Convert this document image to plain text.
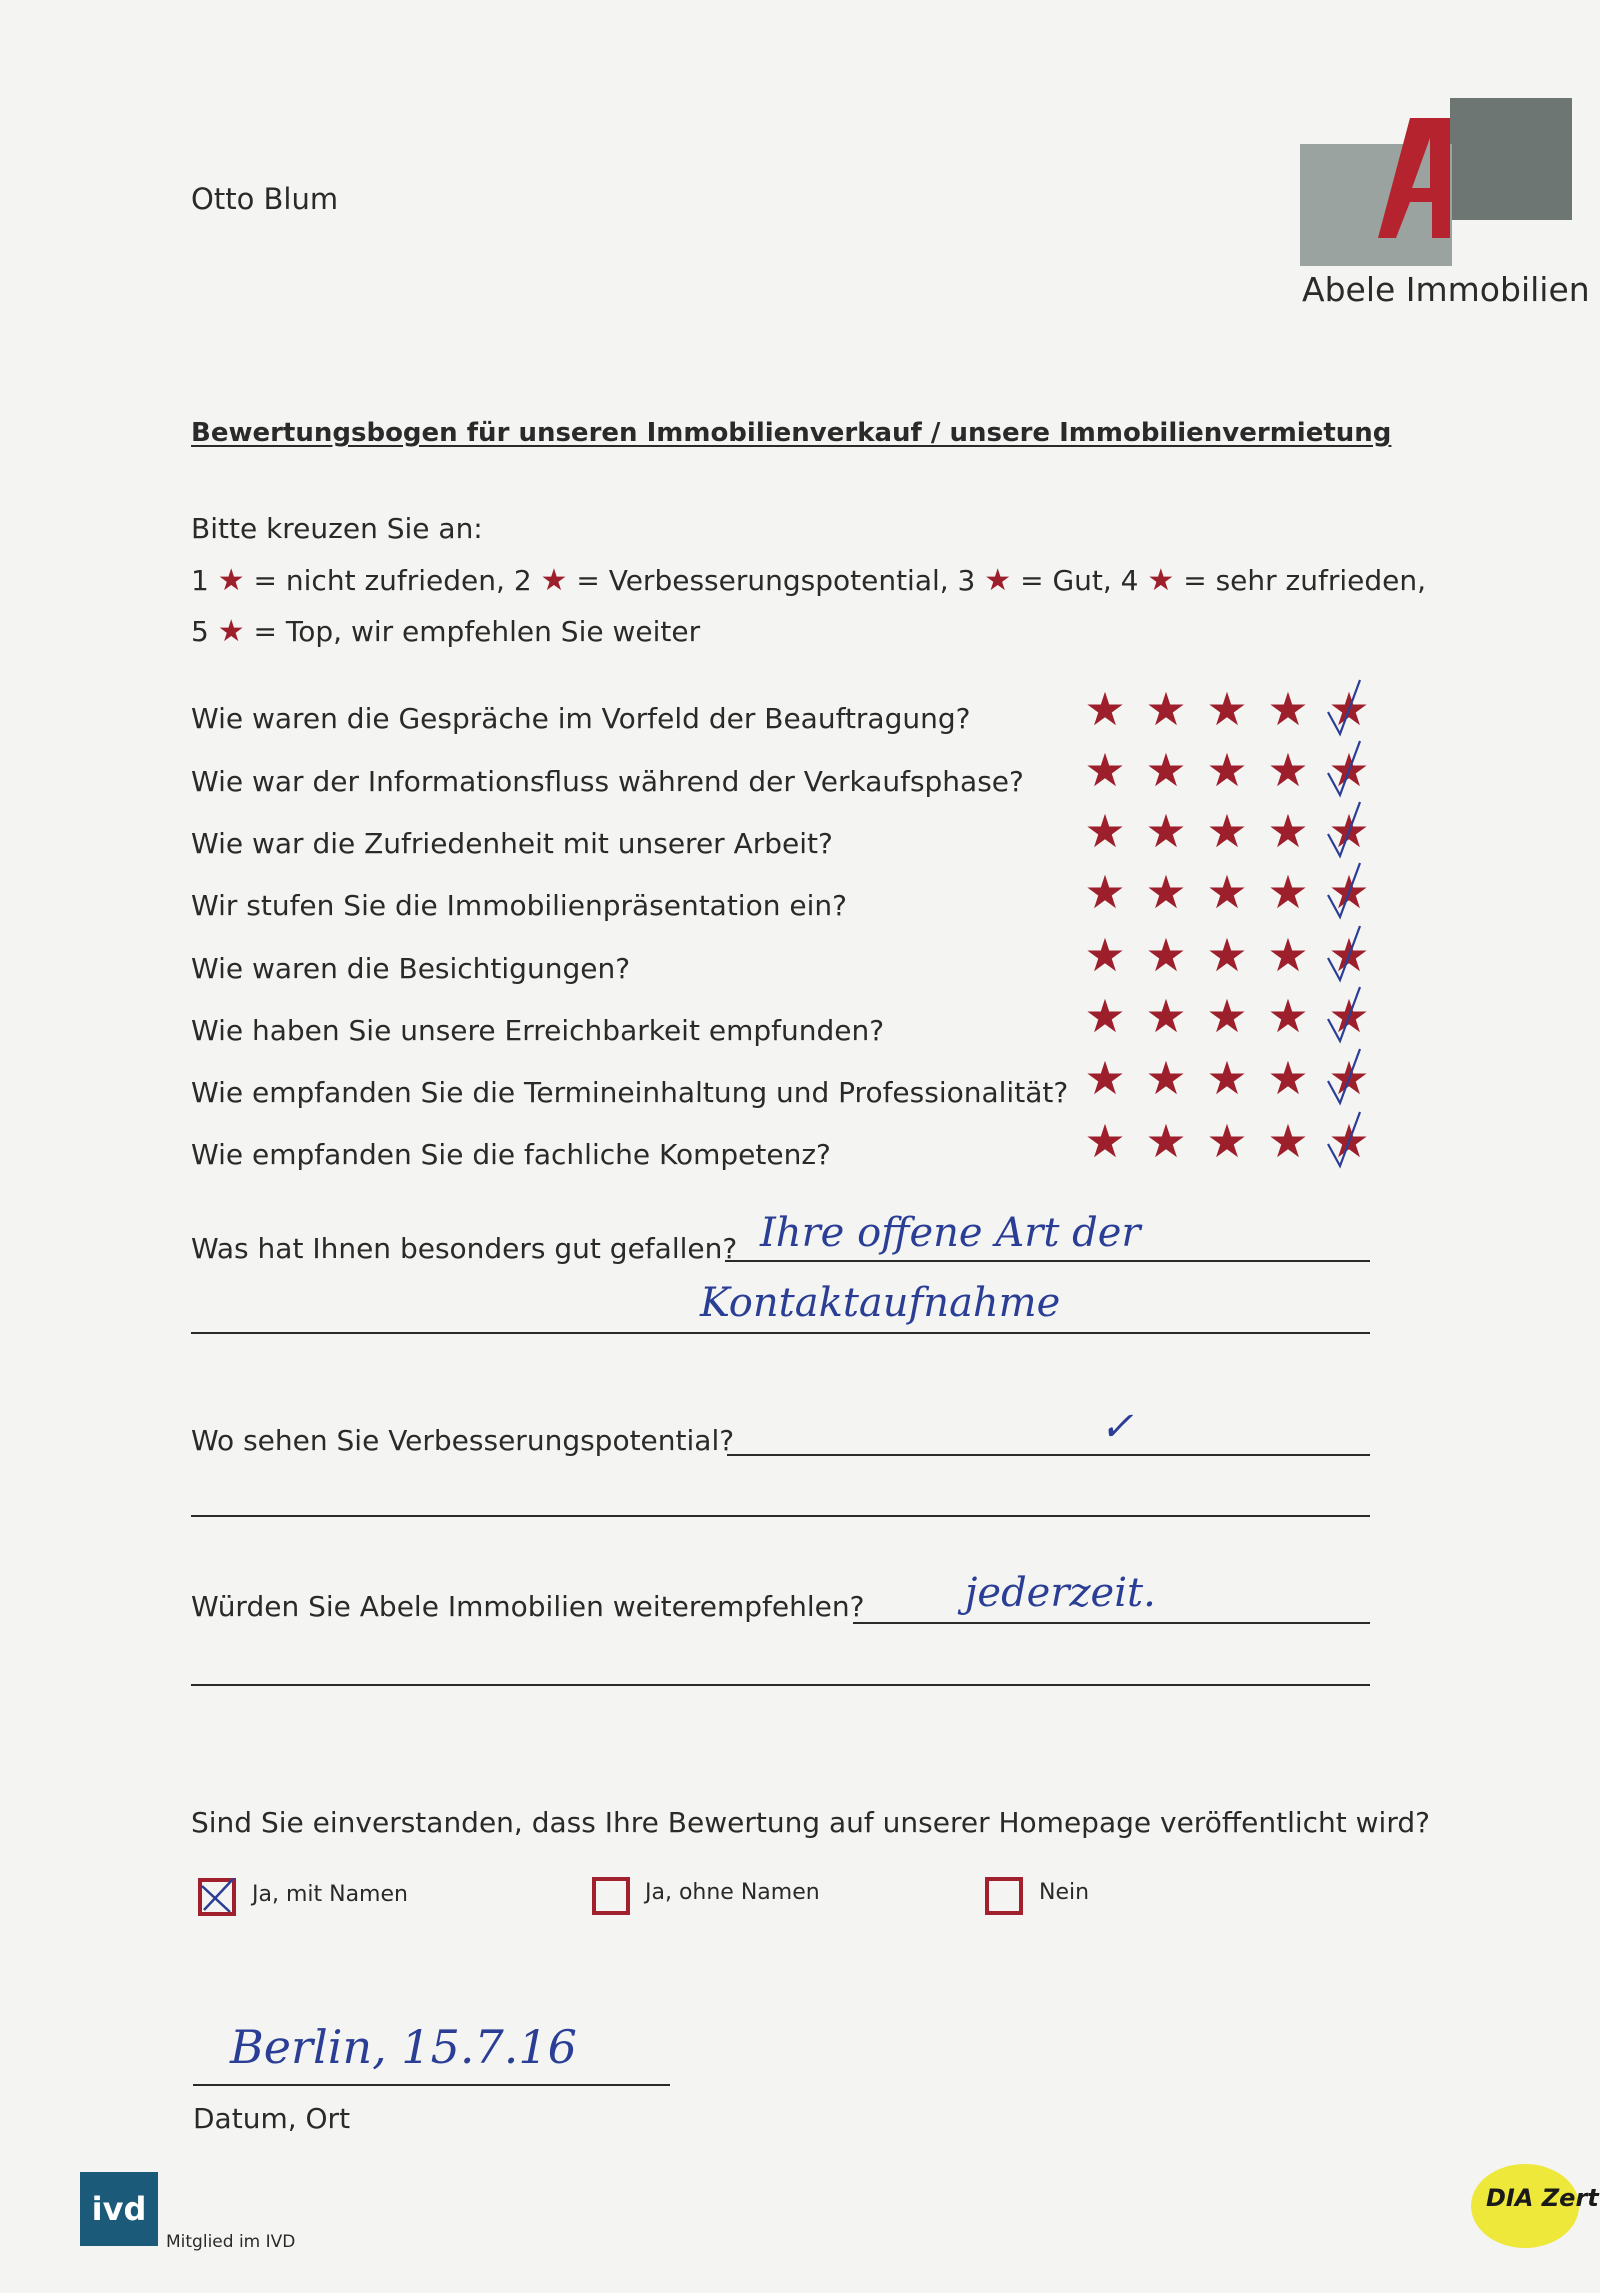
Otto Blum
Abele Immobilien
Bewertungsbogen für unseren Immobilienverkauf / unsere Immobilienvermietung
Bitte kreuzen Sie an:
1 ★ = nicht zufrieden, 2 ★ = Verbesserungspotential, 3 ★ = Gut, 4 ★ = sehr zufrieden,
5 ★ = Top, wir empfehlen Sie weiter
Wie waren die Gespräche im Vorfeld der Beauftragung? ★ ★ ★ ★ ★
Wie war der Informationsfluss während der Verkaufsphase? ★ ★ ★ ★ ★
Wie war die Zufriedenheit mit unserer Arbeit?	★ ★ ★ ★ ★
Wir stufen Sie die Immobilienpräsentation ein?	★ ★ ★ ★ ★
Wie waren die Besichtigungen?	★ ★ ★ ★ ★
Wie haben Sie unsere Erreichbarkeit empfunden?	★ ★ ★ ★ ★
Wie empfanden Sie die Termineinhaltung und Professionalität? ★ ★ ★ ★ ★
Wie empfanden Sie die fachliche Kompetenz?	★ ★ ★ ★ ★
Was hat Ihnen besonders gut gefallen? Ihre offene Art der
Kontaktaufnahme
Wo sehen Sie Verbesserungspotential?	✓
Würden Sie Abele Immobilien weiterempfehlen?	jederzeit.
Sind Sie einverstanden, dass Ihre Bewertung auf unserer Homepage veröffentlicht wird?
Ja, mit Namen	Ja, ohne Namen	Nein
Berlin, 15.7.16
Datum, Ort
ivd
Mitglied im IVD
DIA Zert
